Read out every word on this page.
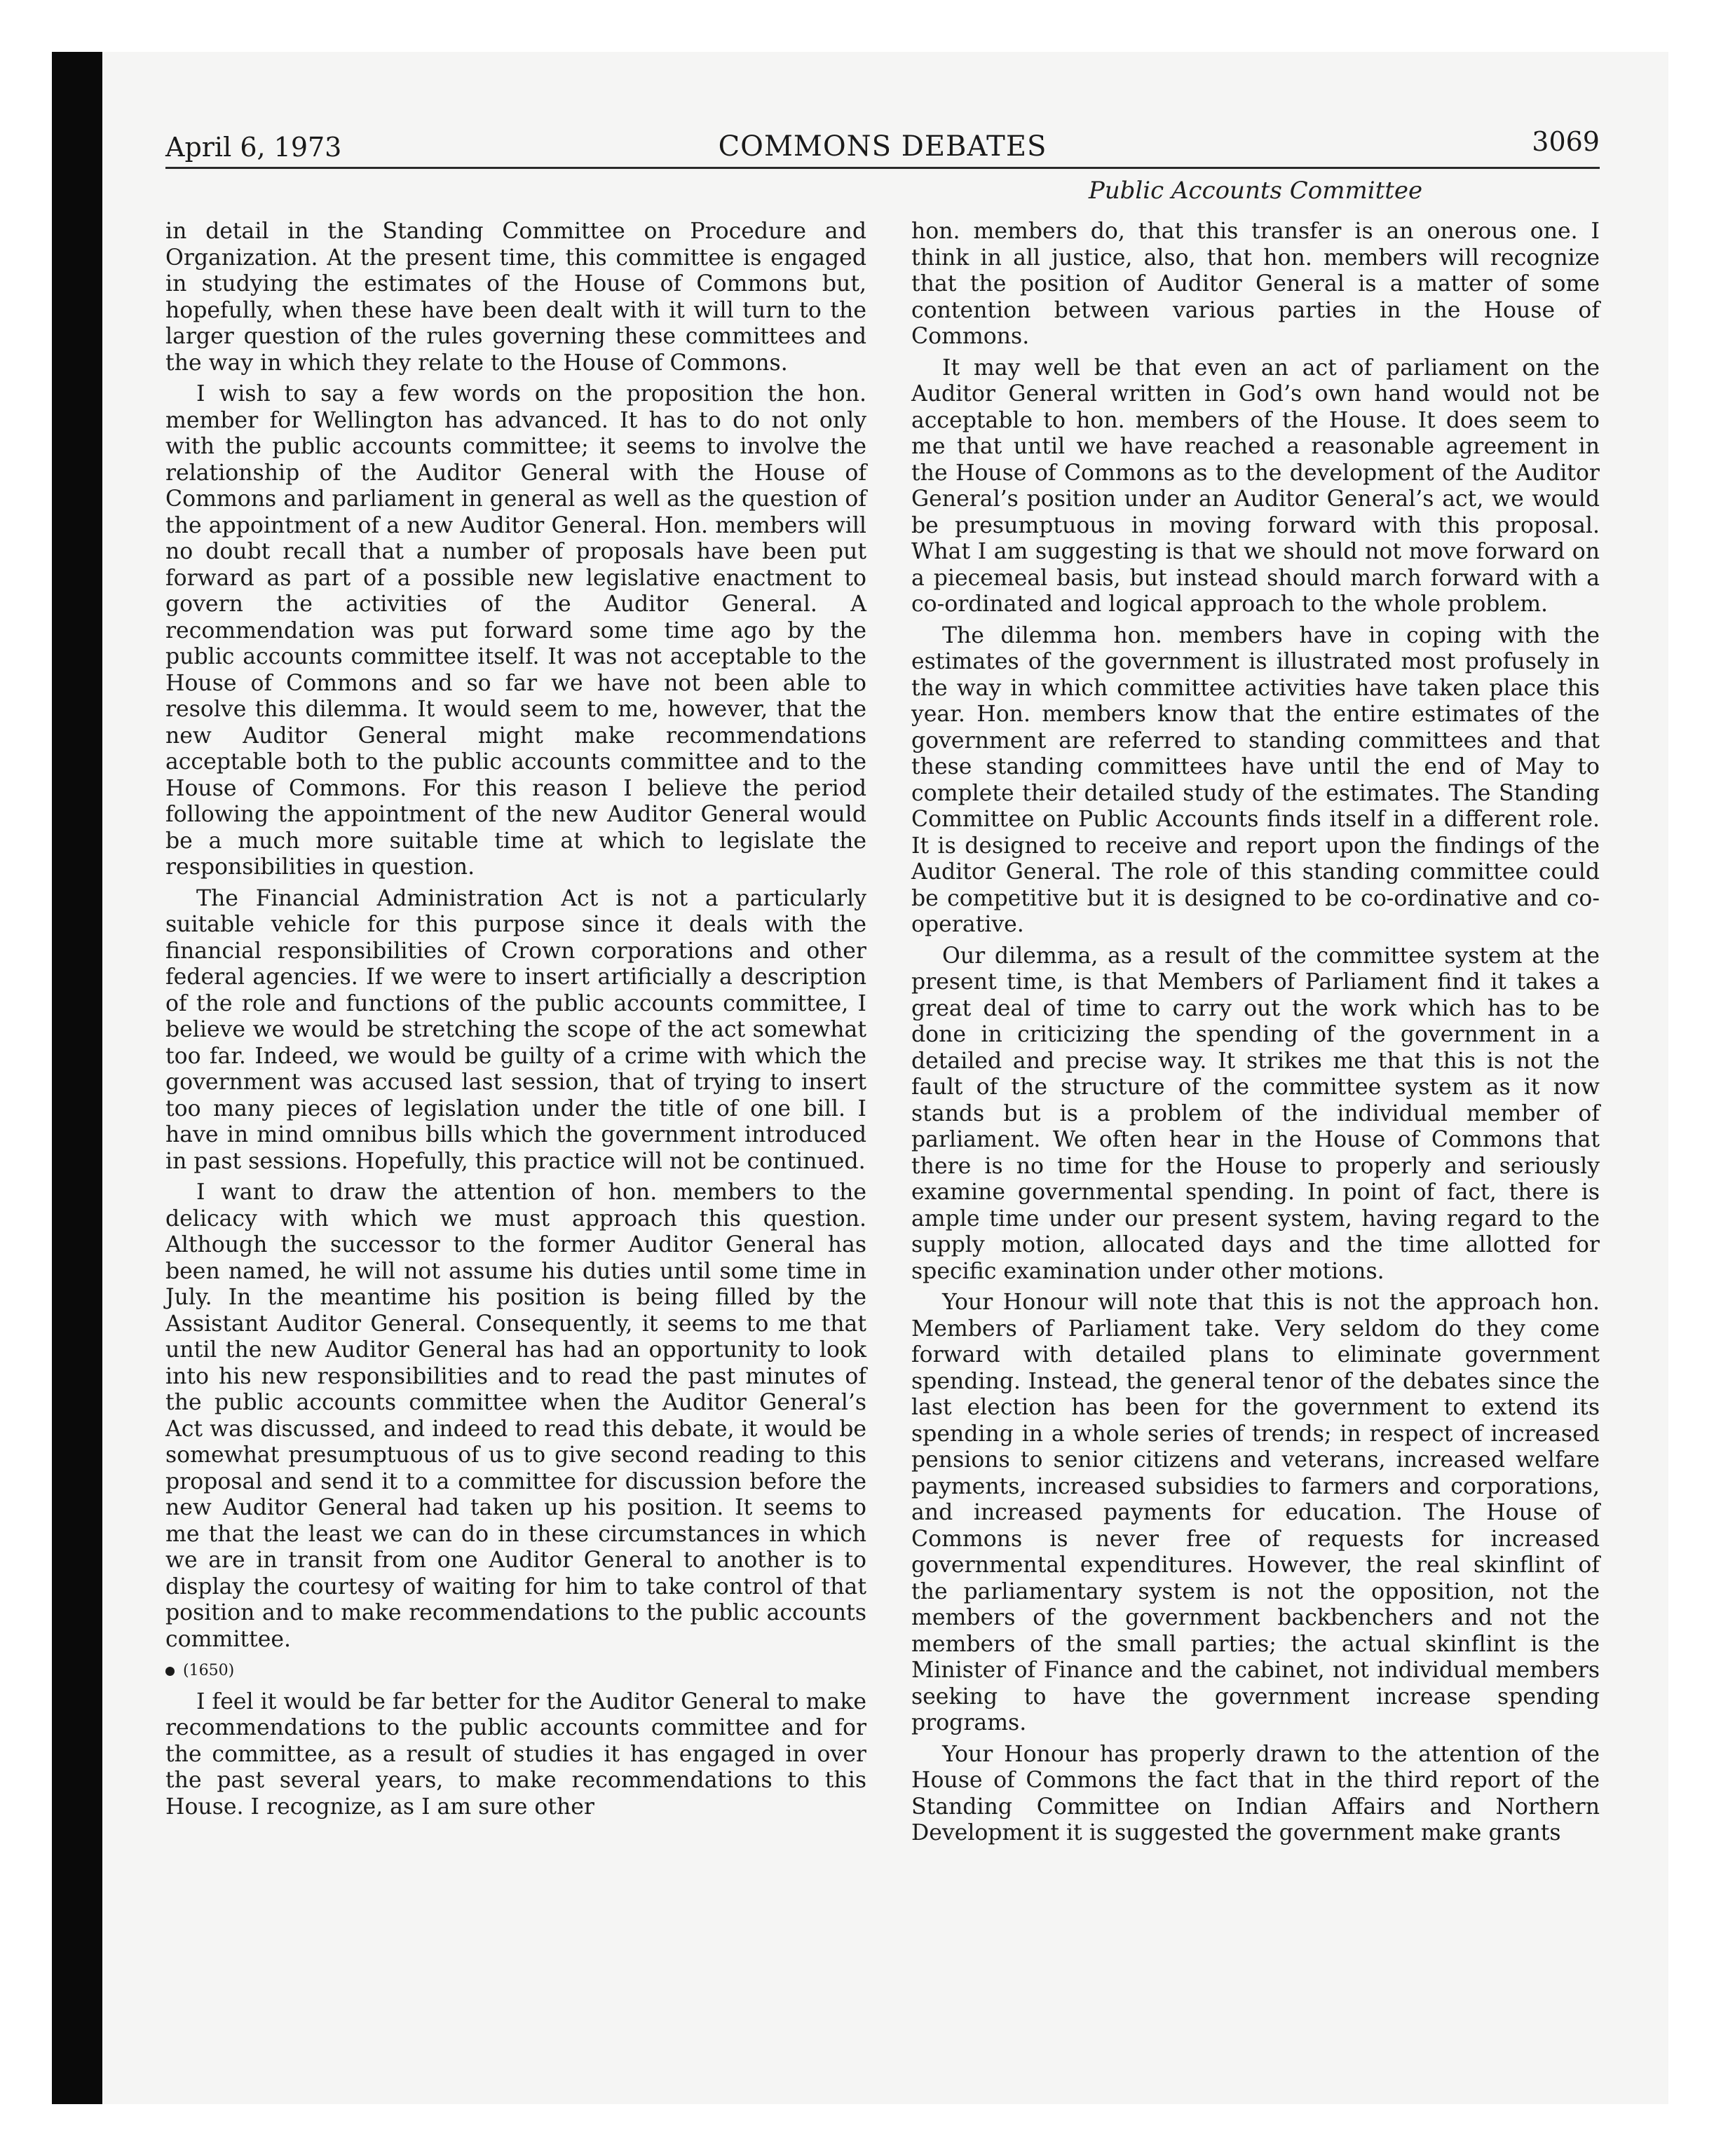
April 6, 1973	COMMONS DEBATES	3069
Public Accounts Committee

in detail in the Standing Committee on Procedure and Organization. At the present time, this committee is engaged in studying the estimates of the House of Commons but, hopefully, when these have been dealt with it will turn to the larger question of the rules governing these committees and the way in which they relate to the House of Commons.

I wish to say a few words on the proposition the hon. member for Wellington has advanced. It has to do not only with the public accounts committee; it seems to involve the relationship of the Auditor General with the House of Commons and parliament in general as well as the question of the appointment of a new Auditor General. Hon. members will no doubt recall that a number of proposals have been put forward as part of a possible new legislative enactment to govern the activities of the Auditor General. A recommendation was put forward some time ago by the public accounts committee itself. It was not acceptable to the House of Commons and so far we have not been able to resolve this dilemma. It would seem to me, however, that the new Auditor General might make recommendations acceptable both to the public accounts committee and to the House of Commons. For this reason I believe the period following the appointment of the new Auditor General would be a much more suitable time at which to legislate the responsibilities in question.

The Financial Administration Act is not a particularly suitable vehicle for this purpose since it deals with the financial responsibilities of Crown corporations and other federal agencies. If we were to insert artificially a description of the role and functions of the public accounts committee, I believe we would be stretching the scope of the act somewhat too far. Indeed, we would be guilty of a crime with which the government was accused last session, that of trying to insert too many pieces of legislation under the title of one bill. I have in mind omnibus bills which the government introduced in past sessions. Hopefully, this practice will not be continued.

I want to draw the attention of hon. members to the delicacy with which we must approach this question. Although the successor to the former Auditor General has been named, he will not assume his duties until some time in July. In the meantime his position is being filled by the Assistant Auditor General. Consequently, it seems to me that until the new Auditor General has had an opportunity to look into his new responsibilities and to read the past minutes of the public accounts committee when the Auditor General’s Act was discussed, and indeed to read this debate, it would be somewhat presumptuous of us to give second reading to this proposal and send it to a committee for discussion before the new Auditor General had taken up his position. It seems to me that the least we can do in these circumstances in which we are in transit from one Auditor General to another is to display the courtesy of waiting for him to take control of that position and to make recommendations to the public accounts committee.

(1650)

I feel it would be far better for the Auditor General to make recommendations to the public accounts committee and for the committee, as a result of studies it has engaged in over the past several years, to make recommendations to this House. I recognize, as I am sure other

hon. members do, that this transfer is an onerous one. I think in all justice, also, that hon. members will recognize that the position of Auditor General is a matter of some contention between various parties in the House of Commons.

It may well be that even an act of parliament on the Auditor General written in God’s own hand would not be acceptable to hon. members of the House. It does seem to me that until we have reached a reasonable agreement in the House of Commons as to the development of the Auditor General’s position under an Auditor General’s act, we would be presumptuous in moving forward with this proposal. What I am suggesting is that we should not move forward on a piecemeal basis, but instead should march forward with a co-ordinated and logical approach to the whole problem.

The dilemma hon. members have in coping with the estimates of the government is illustrated most profusely in the way in which committee activities have taken place this year. Hon. members know that the entire estimates of the government are referred to standing committees and that these standing committees have until the end of May to complete their detailed study of the estimates. The Standing Committee on Public Accounts finds itself in a different role. It is designed to receive and report upon the findings of the Auditor General. The role of this standing committee could be competitive but it is designed to be co-ordinative and co-operative.

Our dilemma, as a result of the committee system at the present time, is that Members of Parliament find it takes a great deal of time to carry out the work which has to be done in criticizing the spending of the government in a detailed and precise way. It strikes me that this is not the fault of the structure of the committee system as it now stands but is a problem of the individual member of parliament. We often hear in the House of Commons that there is no time for the House to properly and seriously examine governmental spending. In point of fact, there is ample time under our present system, having regard to the supply motion, allocated days and the time allotted for specific examination under other motions.

Your Honour will note that this is not the approach hon. Members of Parliament take. Very seldom do they come forward with detailed plans to eliminate government spending. Instead, the general tenor of the debates since the last election has been for the government to extend its spending in a whole series of trends; in respect of increased pensions to senior citizens and veterans, increased welfare payments, increased subsidies to farmers and corporations, and increased payments for education. The House of Commons is never free of requests for increased governmental expenditures. However, the real skinflint of the parliamentary system is not the opposition, not the members of the government backbenchers and not the members of the small parties; the actual skinflint is the Minister of Finance and the cabinet, not individual members seeking to have the government increase spending programs.

Your Honour has properly drawn to the attention of the House of Commons the fact that in the third report of the Standing Committee on Indian Affairs and Northern Development it is suggested the government make grants
